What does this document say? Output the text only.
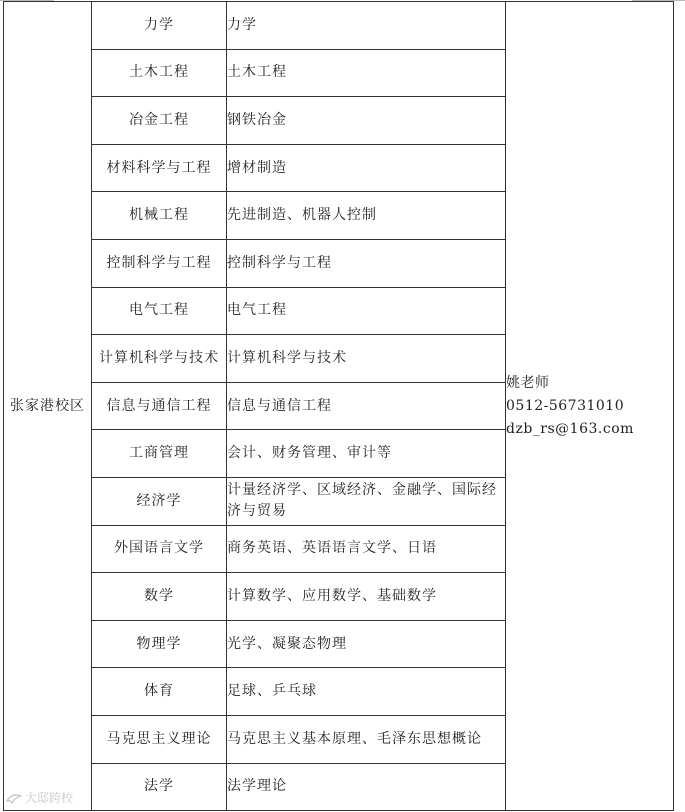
张家港校区	力学	力学	姚老师
0512-56731010
dzb_rs@163.com

	土木工程	土木工程	
	冶金工程	钢铁冶金	
	材料科学与工程	增材制造	
	机械工程	先进制造、机器人控制	
	控制科学与工程	控制科学与工程	
	电气工程	电气工程	
	计算机科学与技术	计算机科学与技术	
	信息与通信工程	信息与通信工程	
	工商管理	会计、财务管理、审计等	
	经济学	计量经济学、区域经济、金融学、国际经济与贸易	
	外国语言文学	商务英语、英语语言文学、日语	
	数学	计算数学、应用数学、基础数学	
	物理学	光学、凝聚态物理	
	体育	足球、乒乓球	
	马克思主义理论	马克思主义基本原理、毛泽东思想概论	
	法学	法学理论	
大邸跨校
